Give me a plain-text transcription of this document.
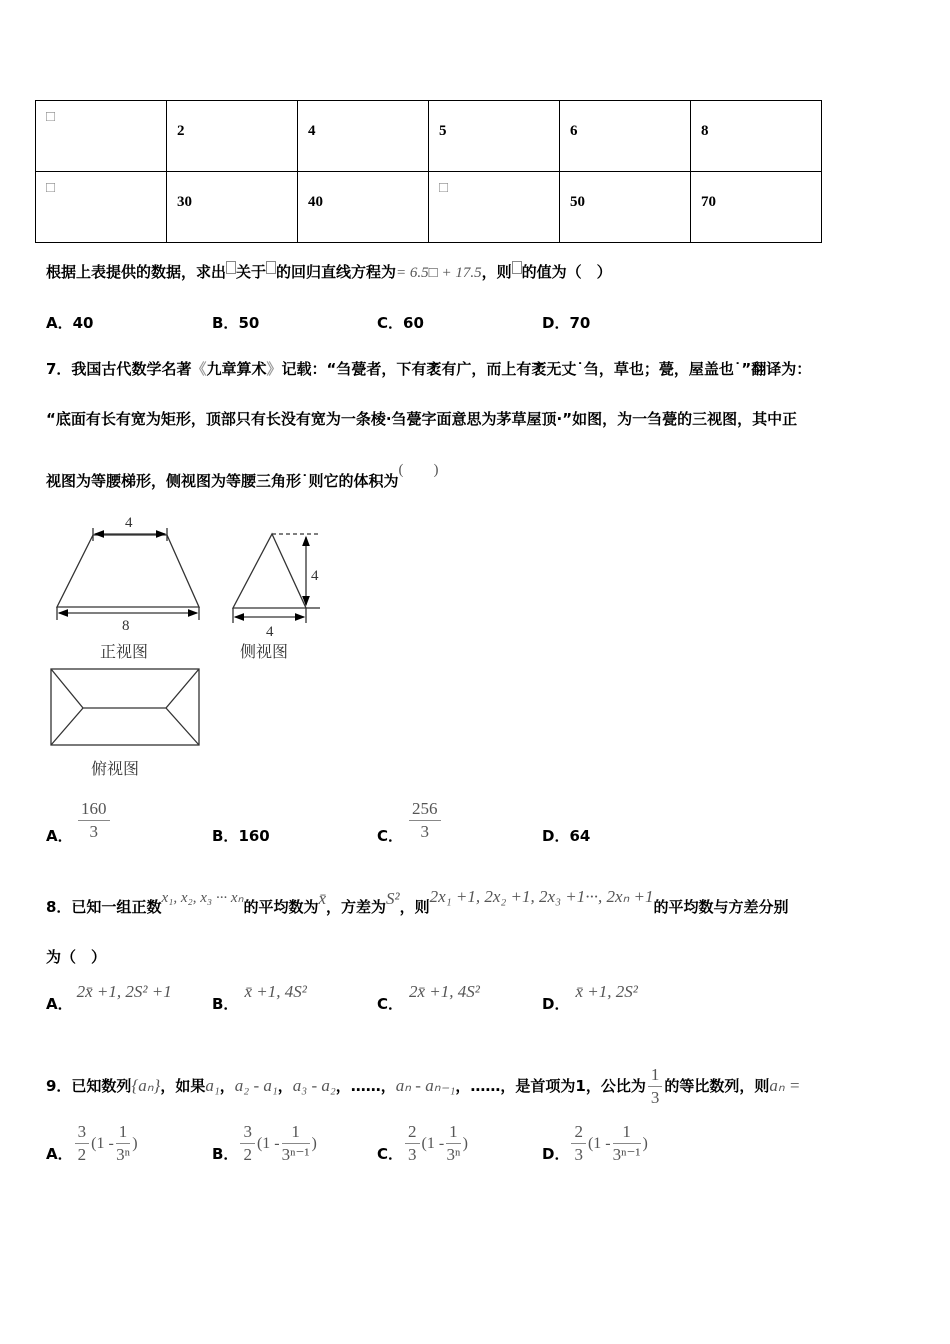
□	2	4	5	6	8
□	30	40	□	50	70
根据上表提供的数据，求出 关于 的回归直线方程为= 6.5□ + 17.5，则 的值为（　）
A．40	B．50	C．60	D．70
7．我国古代数学名著《九章算术》记载：“刍甍者，下有袤有广，而上有袤无丈˙刍，草也；甍，屋盖也˙”翻译为：
“底面有长有宽为矩形，顶部只有长没有宽为一条棱·刍甍字面意思为茅草屋顶·”如图，为一刍甍的三视图，其中正
视图为等腰梯形，侧视图为等腰三角形˙则它的体积为(　　)
4
8
4
4
正视图	侧视图
俯视图
A． $\frac{160}{3}$	B．160	C． $\frac{256}{3}$	D．64
8．已知一组正数x₁, x₂, x₃ ··· xₙ的平均数为x̄，方差为S²，则2x₁ +1, 2x₂ +1, 2x₃ +1···, 2xₙ +1的平均数与方差分别
为（　）
A．2x̄ +1, 2S² +1
B．x̄ +1, 4S²
C．2x̄ +1, 4S²
D．x̄ +1, 2S²
9．已知数列{aₙ}，如果a₁，a₂ - a₁，a₃ - a₂，……，aₙ - aₙ₋₁，……，是首项为1，公比为 $\frac{1}{3}$ 的等比数列，则aₙ =
A． $\frac{3}{2} (1 - \frac{1}{\text{3ⁿ}}$ )
B． $\frac{3}{2} (1 - \frac{1}{\text{3ⁿ⁻¹}}$ )
C． $\frac{2}{3} (1 - \frac{1}{\text{3ⁿ}}$ )
D． $\frac{2}{3} (1 - \frac{1}{\text{3ⁿ⁻¹}}$ )
